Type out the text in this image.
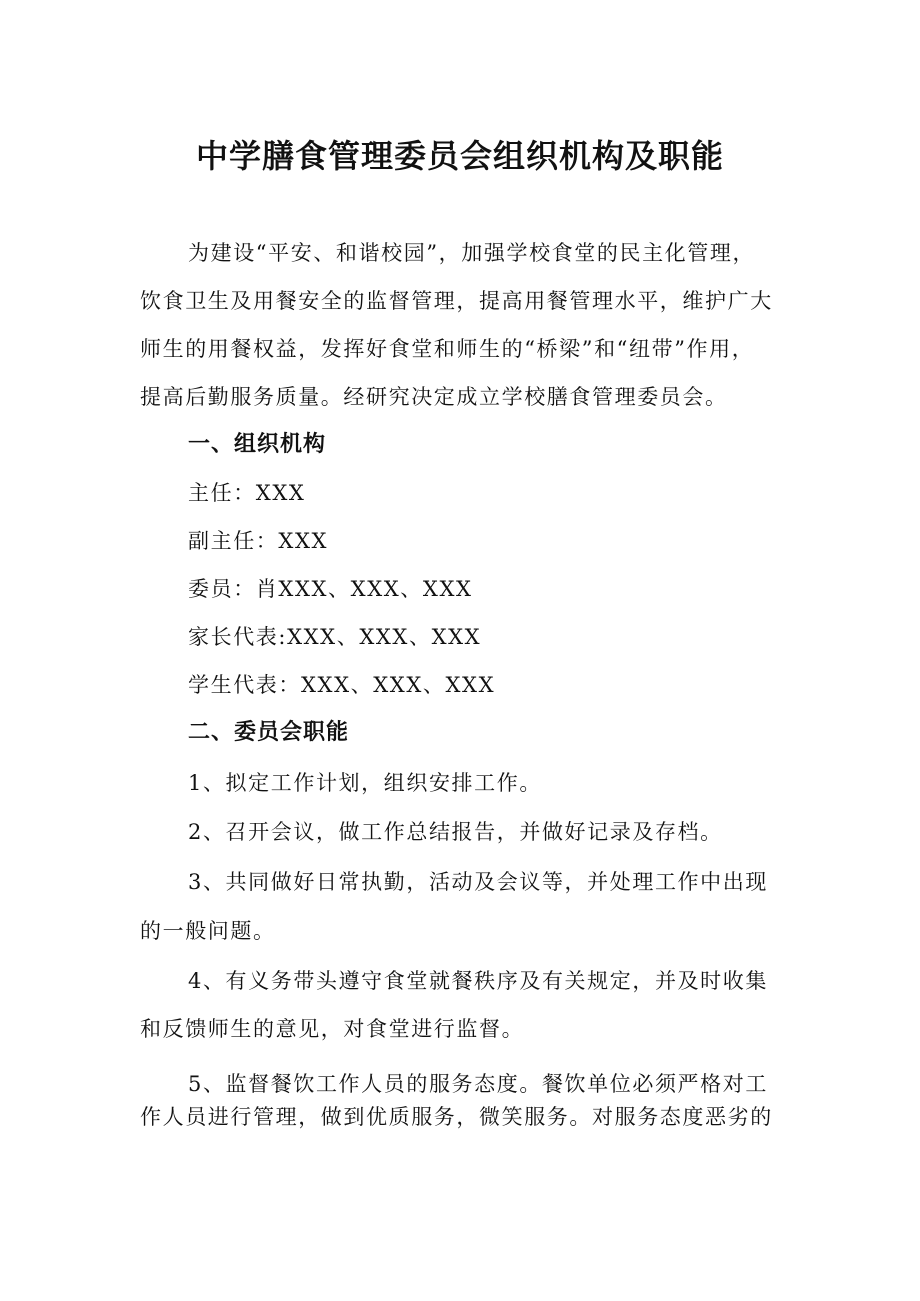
中学膳食管理委员会组织机构及职能
为建设“平安、和谐校园”，加强学校食堂的民主化管理，
饮食卫生及用餐安全的监督管理，提高用餐管理水平，维护广大
师生的用餐权益，发挥好食堂和师生的“桥梁”和“纽带”作用，
提高后勤服务质量。经研究决定成立学校膳食管理委员会。
一、组织机构
主任：XXX
副主任：XXX
委员：肖XXX、XXX、XXX
家长代表:XXX、XXX、XXX
学生代表：XXX、XXX、XXX
二、委员会职能
1、拟定工作计划，组织安排工作。
2、召开会议，做工作总结报告，并做好记录及存档。
3、共同做好日常执勤，活动及会议等，并处理工作中出现
的一般问题。
4、有义务带头遵守食堂就餐秩序及有关规定，并及时收集
和反馈师生的意见，对食堂进行监督。
5、监督餐饮工作人员的服务态度。餐饮单位必须严格对工
作人员进行管理，做到优质服务，微笑服务。对服务态度恶劣的
